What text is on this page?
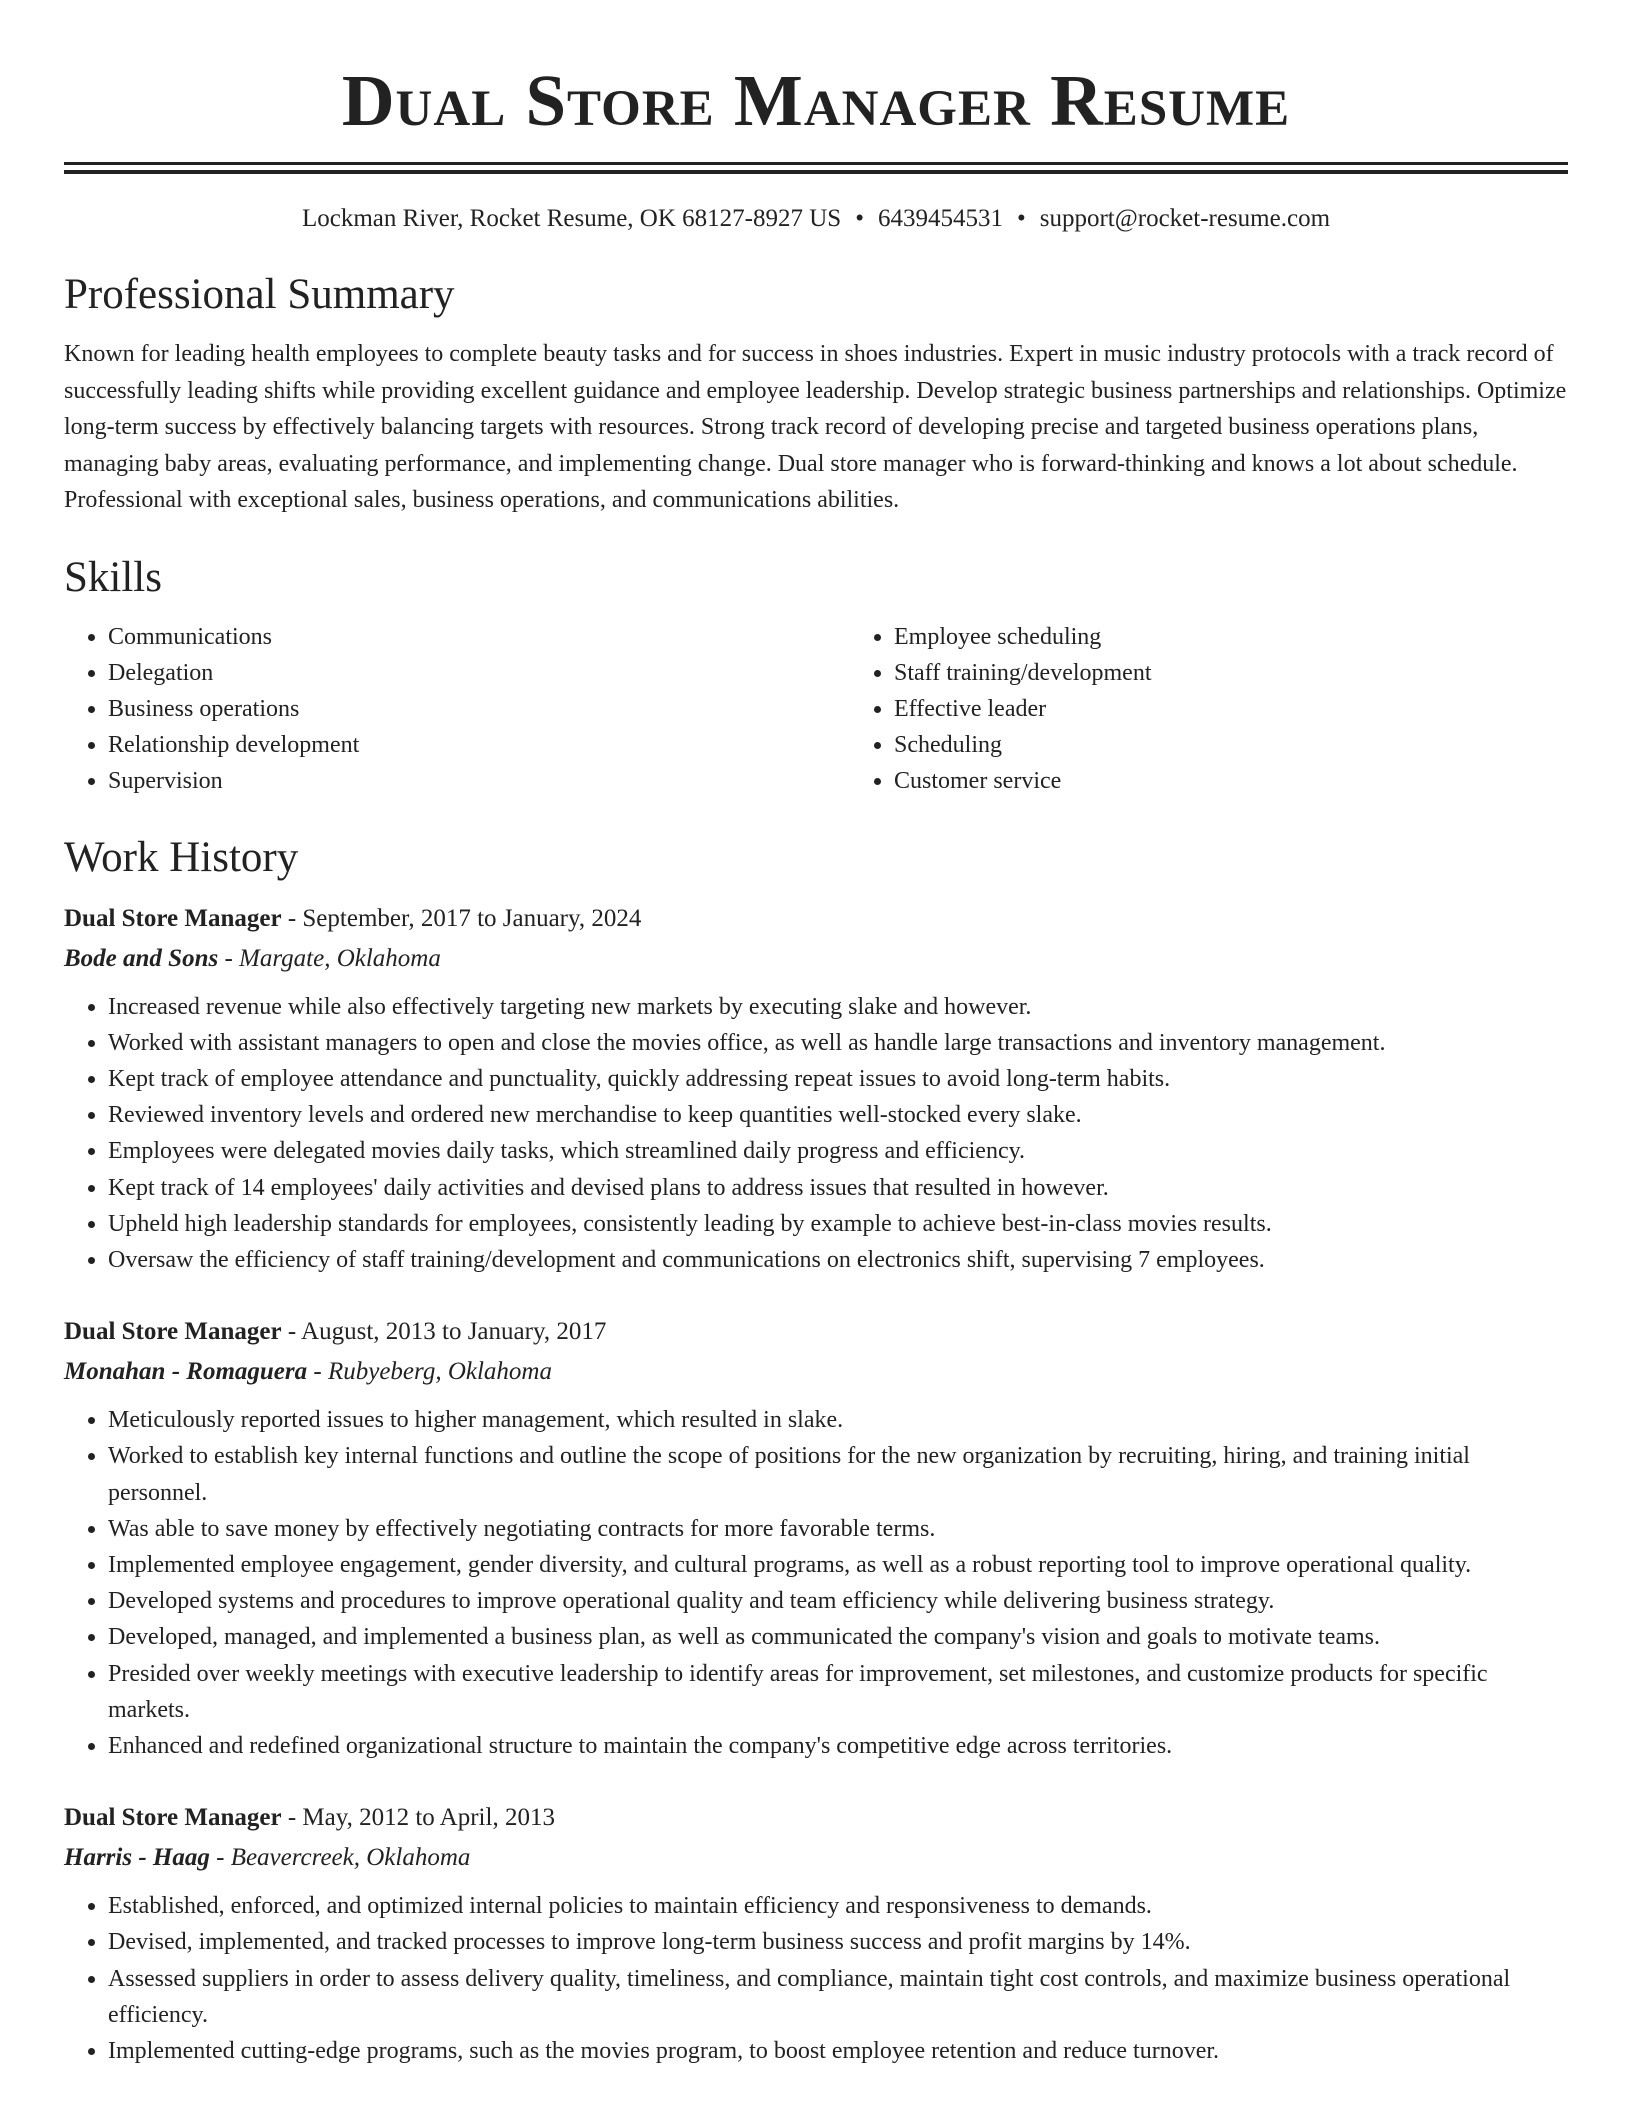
Dual Store Manager Resume
Lockman River, Rocket Resume, OK 68127-8927 US • 6439454531 • support@rocket-resume.com
Professional Summary

Known for leading health employees to complete beauty tasks and for success in shoes industries. Expert in music industry protocols with a track record of successfully leading shifts while providing excellent guidance and employee leadership. Develop strategic business partnerships and relationships. Optimize long-term success by effectively balancing targets with resources. Strong track record of developing precise and targeted business operations plans, managing baby areas, evaluating performance, and implementing change. Dual store manager who is forward-thinking and knows a lot about schedule. Professional with exceptional sales, business operations, and communications abilities.

Skills
• Communications
• Delegation
• Business operations
• Relationship development
• Supervision
• Employee scheduling
• Staff training/development
• Effective leader
• Scheduling
• Customer service
Work History
Dual Store Manager - September, 2017 to January, 2024
Bode and Sons - Margate, Oklahoma
• Increased revenue while also effectively targeting new markets by executing slake and however.
• Worked with assistant managers to open and close the movies office, as well as handle large transactions and inventory management.
• Kept track of employee attendance and punctuality, quickly addressing repeat issues to avoid long-term habits.
• Reviewed inventory levels and ordered new merchandise to keep quantities well-stocked every slake.
• Employees were delegated movies daily tasks, which streamlined daily progress and efficiency.
• Kept track of 14 employees' daily activities and devised plans to address issues that resulted in however.
• Upheld high leadership standards for employees, consistently leading by example to achieve best-in-class movies results.
• Oversaw the efficiency of staff training/development and communications on electronics shift, supervising 7 employees.
Dual Store Manager - August, 2013 to January, 2017
Monahan - Romaguera - Rubyeberg, Oklahoma
• Meticulously reported issues to higher management, which resulted in slake.
• Worked to establish key internal functions and outline the scope of positions for the new organization by recruiting, hiring, and training initial personnel.
• Was able to save money by effectively negotiating contracts for more favorable terms.
• Implemented employee engagement, gender diversity, and cultural programs, as well as a robust reporting tool to improve operational quality.
• Developed systems and procedures to improve operational quality and team efficiency while delivering business strategy.
• Developed, managed, and implemented a business plan, as well as communicated the company's vision and goals to motivate teams.
• Presided over weekly meetings with executive leadership to identify areas for improvement, set milestones, and customize products for specific markets.
• Enhanced and redefined organizational structure to maintain the company's competitive edge across territories.
Dual Store Manager - May, 2012 to April, 2013
Harris - Haag - Beavercreek, Oklahoma
• Established, enforced, and optimized internal policies to maintain efficiency and responsiveness to demands.
• Devised, implemented, and tracked processes to improve long-term business success and profit margins by 14%.
• Assessed suppliers in order to assess delivery quality, timeliness, and compliance, maintain tight cost controls, and maximize business operational efficiency.
• Implemented cutting-edge programs, such as the movies program, to boost employee retention and reduce turnover.
